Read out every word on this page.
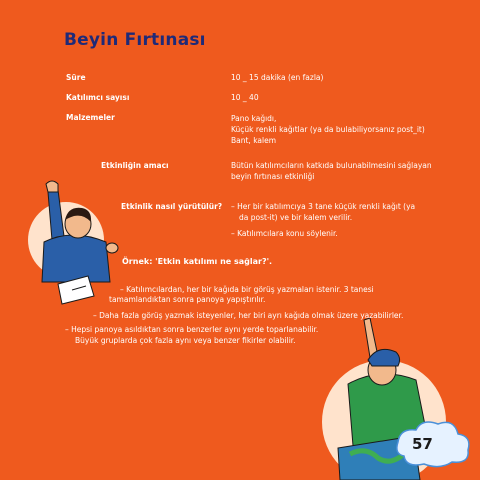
Beyin Fırtınası
Süre	10 _ 15 dakika (en fazla)
Katılımcı sayısı	10 _ 40
Malzemeler	Pano kağıdı,
Küçük renkli kağıtlar (ya da bulabiliyorsanız post_it)
Bant, kalem
Etkinliğin amacı	Bütün katılımcıların katkıda bulunabilmesini sağlayan
beyin fırtınası etkinliği
Etkinlik nasıl yürütülür? – Her bir katılımcıya 3 tane küçük renkli kağıt (ya
da post-it) ve bir kalem verilir.
– Katılımcılara konu söylenir.
Örnek: 'Etkin katılımı ne sağlar?'.
– Katılımcılardan, her bir kağıda bir görüş yazmaları istenir. 3 tanesi
tamamlandıktan sonra panoya yapıştırılır.
– Daha fazla görüş yazmak isteyenler, her biri ayrı kağıda olmak üzere yazabilirler.
– Hepsi panoya asıldıktan sonra benzerler aynı yerde toparlanabilir.
Büyük gruplarda çok fazla aynı veya benzer fikirler olabilir.
57
